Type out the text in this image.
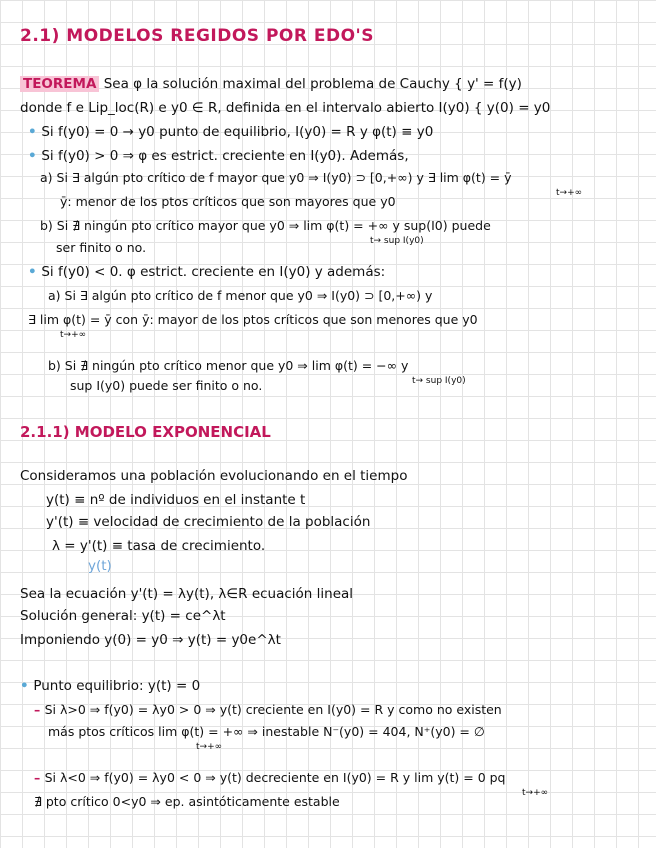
2.1) MODELOS REGIDOS POR EDO'S
TEOREMA Sea φ la solución maximal del problema de Cauchy { y' = f(y)
donde f e Lip_loc(R) e y0 ∈ R, definida en el intervalo abierto I(y0) { y(0) = y0
• Si f(y0) = 0 → y0 punto de equilibrio, I(y0) = R y φ(t) ≡ y0
• Si f(y0) > 0 ⇒ φ es estrict. creciente en I(y0). Además,
a) Si ∃ algún pto crítico de f mayor que y0 ⇒ I(y0) ⊃ [0,+∞) y ∃ lim φ(t) = ȳ
t→+∞
ȳ: menor de los ptos críticos que son mayores que y0
b) Si ∄ ningún pto crítico mayor que y0 ⇒ lim φ(t) = +∞ y sup(I0) puede
t→ sup I(y0)
ser finito o no.
• Si f(y0) < 0. φ estrict. creciente en I(y0) y además:
a) Si ∃ algún pto crítico de f menor que y0 ⇒ I(y0) ⊃ [0,+∞) y
∃ lim φ(t) = ȳ con ȳ: mayor de los ptos críticos que son menores que y0
t→+∞
b) Si ∄ ningún pto crítico menor que y0 ⇒ lim φ(t) = −∞ y
t→ sup I(y0)
sup I(y0) puede ser finito o no.
2.1.1) MODELO EXPONENCIAL
Consideramos una población evolucionando en el tiempo
y(t) ≡ nº de individuos en el instante t
y'(t) ≡ velocidad de crecimiento de la población
λ = y'(t) ≡ tasa de crecimiento.
y(t)
Sea la ecuación y'(t) = λy(t), λ∈R ecuación lineal
Solución general: y(t) = ce^λt
Imponiendo y(0) = y0 ⇒ y(t) = y0e^λt
• Punto equilibrio: y(t) = 0
– Si λ>0 ⇒ f(y0) = λy0 > 0 ⇒ y(t) creciente en I(y0) = R y como no existen
más ptos críticos lim φ(t) = +∞ ⇒ inestable N⁻(y0) = 404, N⁺(y0) = ∅
t→+∞
– Si λ<0 ⇒ f(y0) = λy0 < 0 ⇒ y(t) decreciente en I(y0) = R y lim y(t) = 0 pq
t→+∞
∄ pto crítico 0<y0 ⇒ ep. asintóticamente estable
